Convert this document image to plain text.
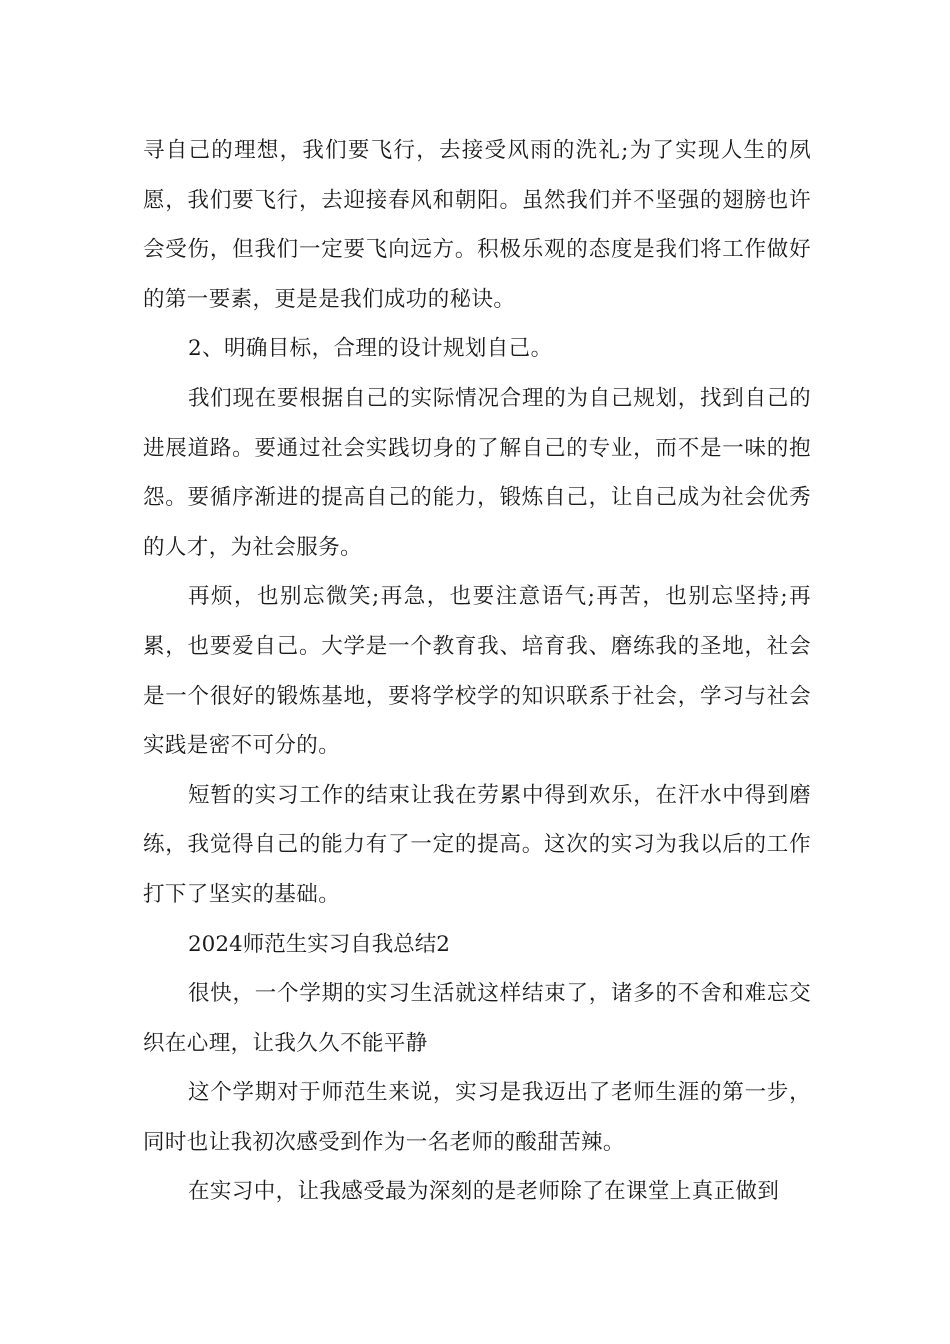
寻自己的理想，我们要飞行，去接受风雨的洗礼;为了实现人生的夙愿，我们要飞行，去迎接春风和朝阳。虽然我们并不坚强的翅膀也许会受伤，但我们一定要飞向远方。积极乐观的态度是我们将工作做好的第一要素，更是是我们成功的秘诀。

2、明确目标，合理的设计规划自己。

我们现在要根据自己的实际情况合理的为自己规划，找到自己的进展道路。要通过社会实践切身的了解自己的专业，而不是一味的抱怨。要循序渐进的提高自己的能力，锻炼自己，让自己成为社会优秀的人才，为社会服务。

再烦，也别忘微笑;再急，也要注意语气;再苦，也别忘坚持;再累，也要爱自己。大学是一个教育我、培育我、磨练我的圣地，社会是一个很好的锻炼基地，要将学校学的知识联系于社会，学习与社会实践是密不可分的。

短暂的实习工作的结束让我在劳累中得到欢乐，在汗水中得到磨练，我觉得自己的能力有了一定的提高。这次的实习为我以后的工作打下了坚实的基础。

2024师范生实习自我总结2

很快，一个学期的实习生活就这样结束了，诸多的不舍和难忘交织在心理，让我久久不能平静

这个学期对于师范生来说，实习是我迈出了老师生涯的第一步，同时也让我初次感受到作为一名老师的酸甜苦辣。

在实习中，让我感受最为深刻的是老师除了在课堂上真正做到
